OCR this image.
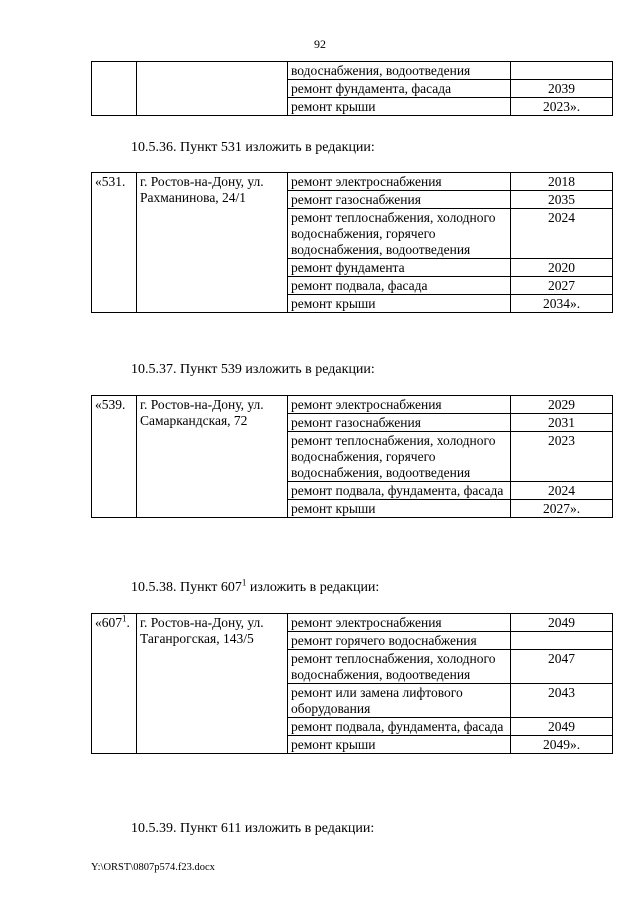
92
		водоснабжения, водоотведения	
		ремонт фундамента, фасада	2039
		ремонт крыши	2023».
10.5.36. Пункт 531 изложить в редакции:
«531.	г. Ростов-на-Дону, ул. Рахманинова, 24/1	ремонт электроснабжения	2018
		ремонт газоснабжения	2035
		ремонт теплоснабжения, холодного водоснабжения, горячего водоснабжения, водоотведения	2024
		ремонт фундамента	2020
		ремонт подвала, фасада	2027
		ремонт крыши	2034».
10.5.37. Пункт 539 изложить в редакции:
«539.	г. Ростов-на-Дону, ул. Самаркандская, 72	ремонт электроснабжения	2029
		ремонт газоснабжения	2031
		ремонт теплоснабжения, холодного водоснабжения, горячего водоснабжения, водоотведения	2023
		ремонт подвала, фундамента, фасада	2024
		ремонт крыши	2027».
10.5.38. Пункт $607^1$ изложить в редакции:
«$607^1$.	г. Ростов-на-Дону, ул. Таганрогская, 143/5	ремонт электроснабжения	2049
		ремонт горячего водоснабжения	
		ремонт теплоснабжения, холодного водоснабжения, водоотведения	2047
		ремонт или замена лифтового оборудования	2043
		ремонт подвала, фундамента, фасада	2049
		ремонт крыши	2049».
10.5.39. Пункт 611 изложить в редакции:
Y:\ORST\0807p574.f23.docx
